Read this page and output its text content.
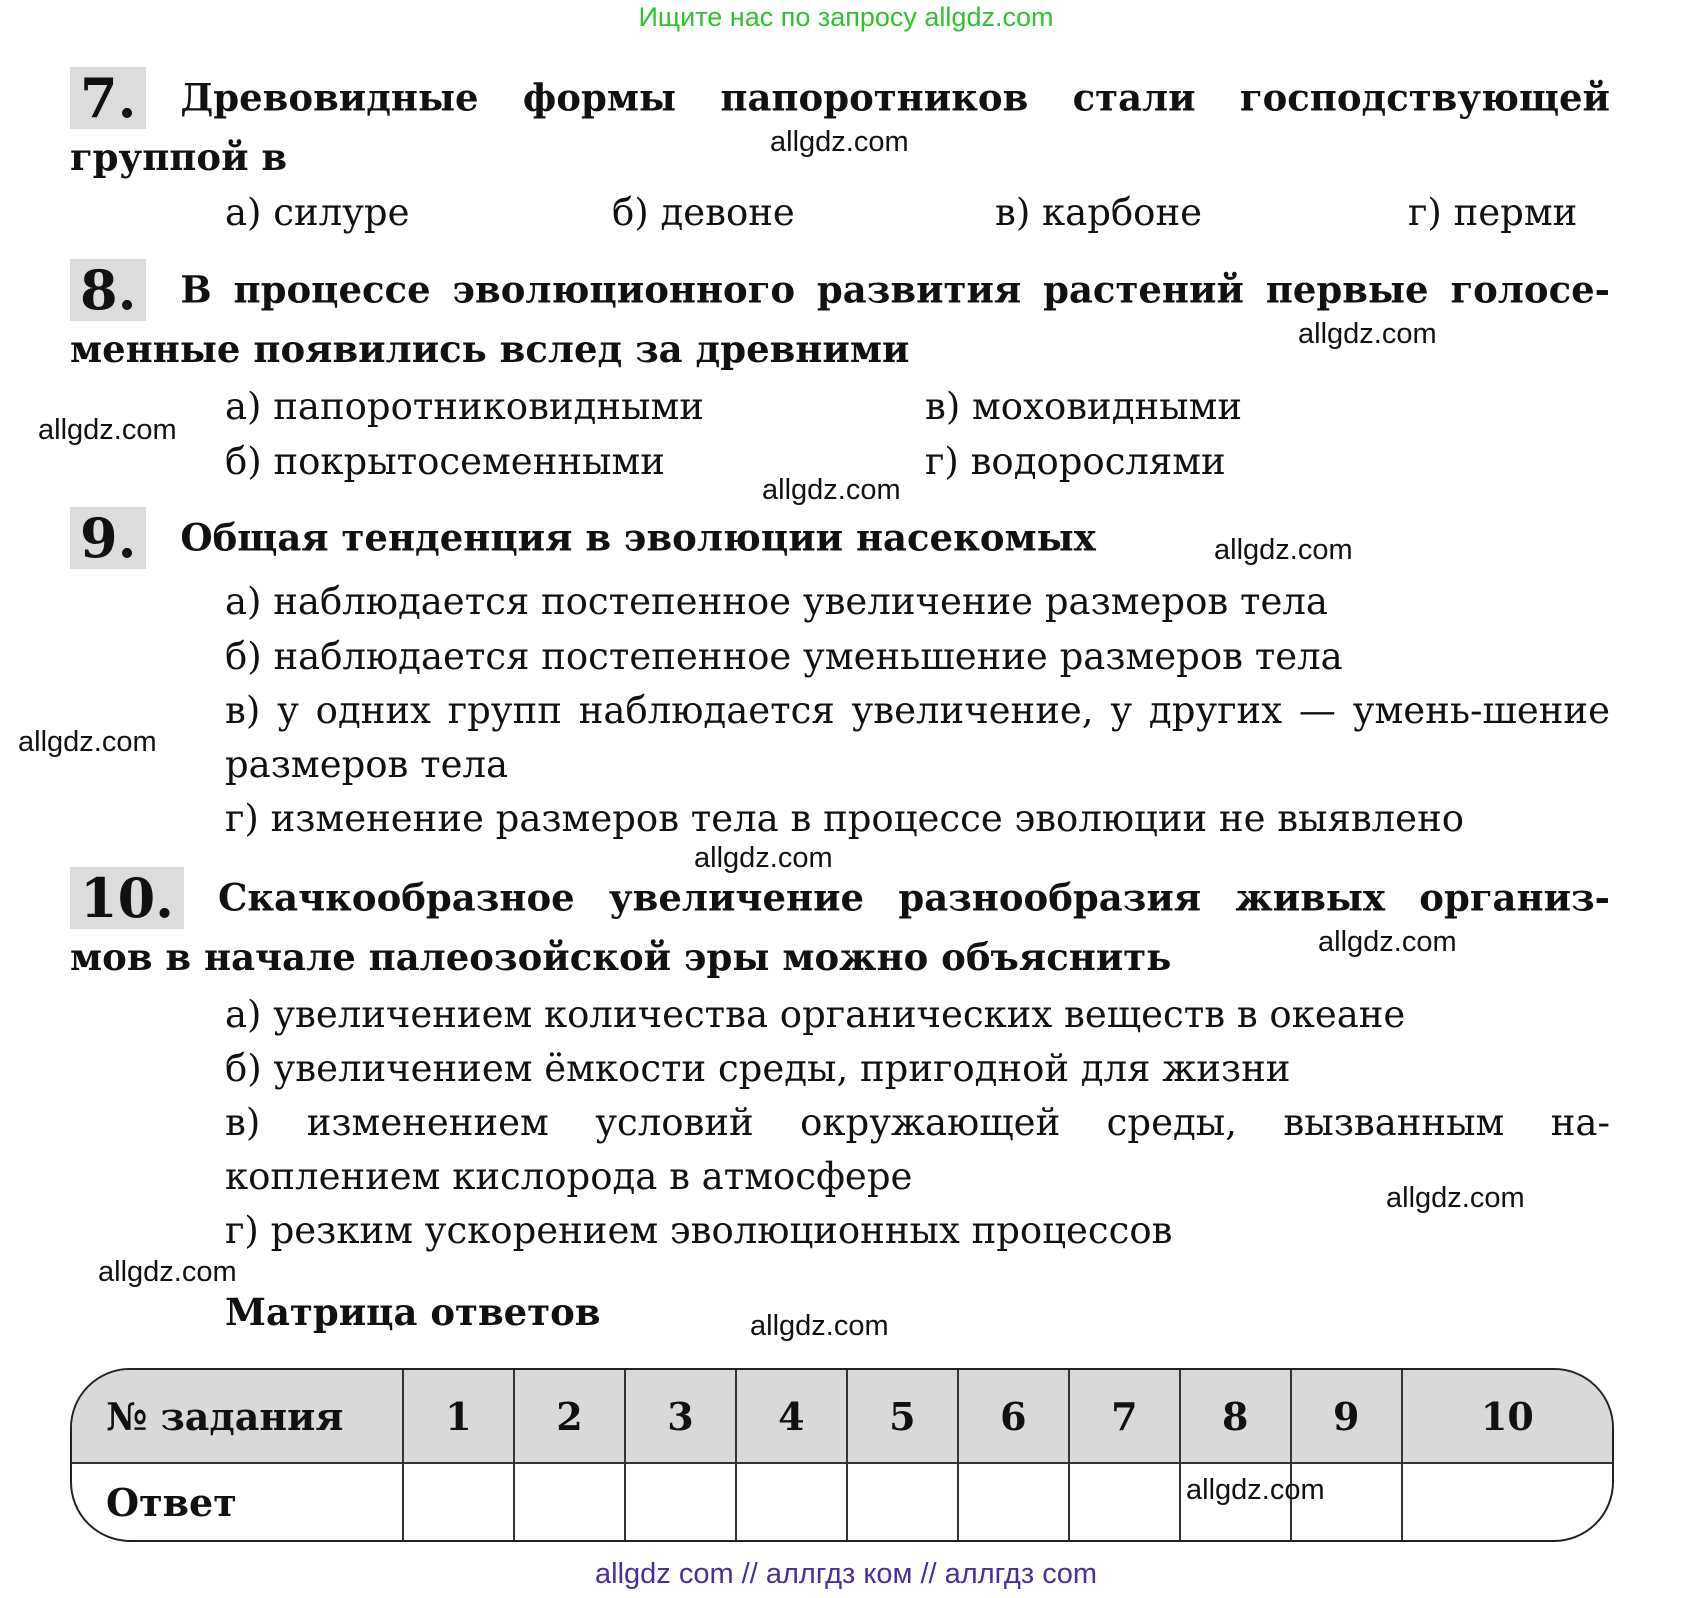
Ищите нас по запросу allgdz.com
7. Древовидные формы папоротников стали господствующей
группой в
а) силуре	б) девоне	в) карбоне	г) перми
8. В процессе эволюционного развития растений первые голосе-
менные появились вслед за древними
а) папоротниковидными	в) моховидными
б) покрытосеменными	г) водорослями
9. Общая тенденция в эволюции насекомых
а) наблюдается постепенное увеличение размеров тела
б) наблюдается постепенное уменьшение размеров тела
в) у одних групп наблюдается увеличение, у других — умень-шение размеров тела
г) изменение размеров тела в процессе эволюции не выявлено
10. Скачкообразное увеличение разнообразия живых организ-
мов в начале палеозойской эры можно объяснить
а) увеличением количества органических веществ в океане
б) увеличением ёмкости среды, пригодной для жизни
в) изменением условий окружающей среды, вызванным на-
коплением кислорода в атмосфере
г) резким ускорением эволюционных процессов
Матрица ответов
№ задания	1	2	3	4	5	6	7	8	9	10
Ответ										
allgdz.com
allgdz.com
allgdz.com
allgdz.com
allgdz.com
allgdz.com
allgdz.com
allgdz.com
allgdz.com
allgdz.com
allgdz.com
allgdz.com
allgdz com // аллгдз ком // аллгдз com
